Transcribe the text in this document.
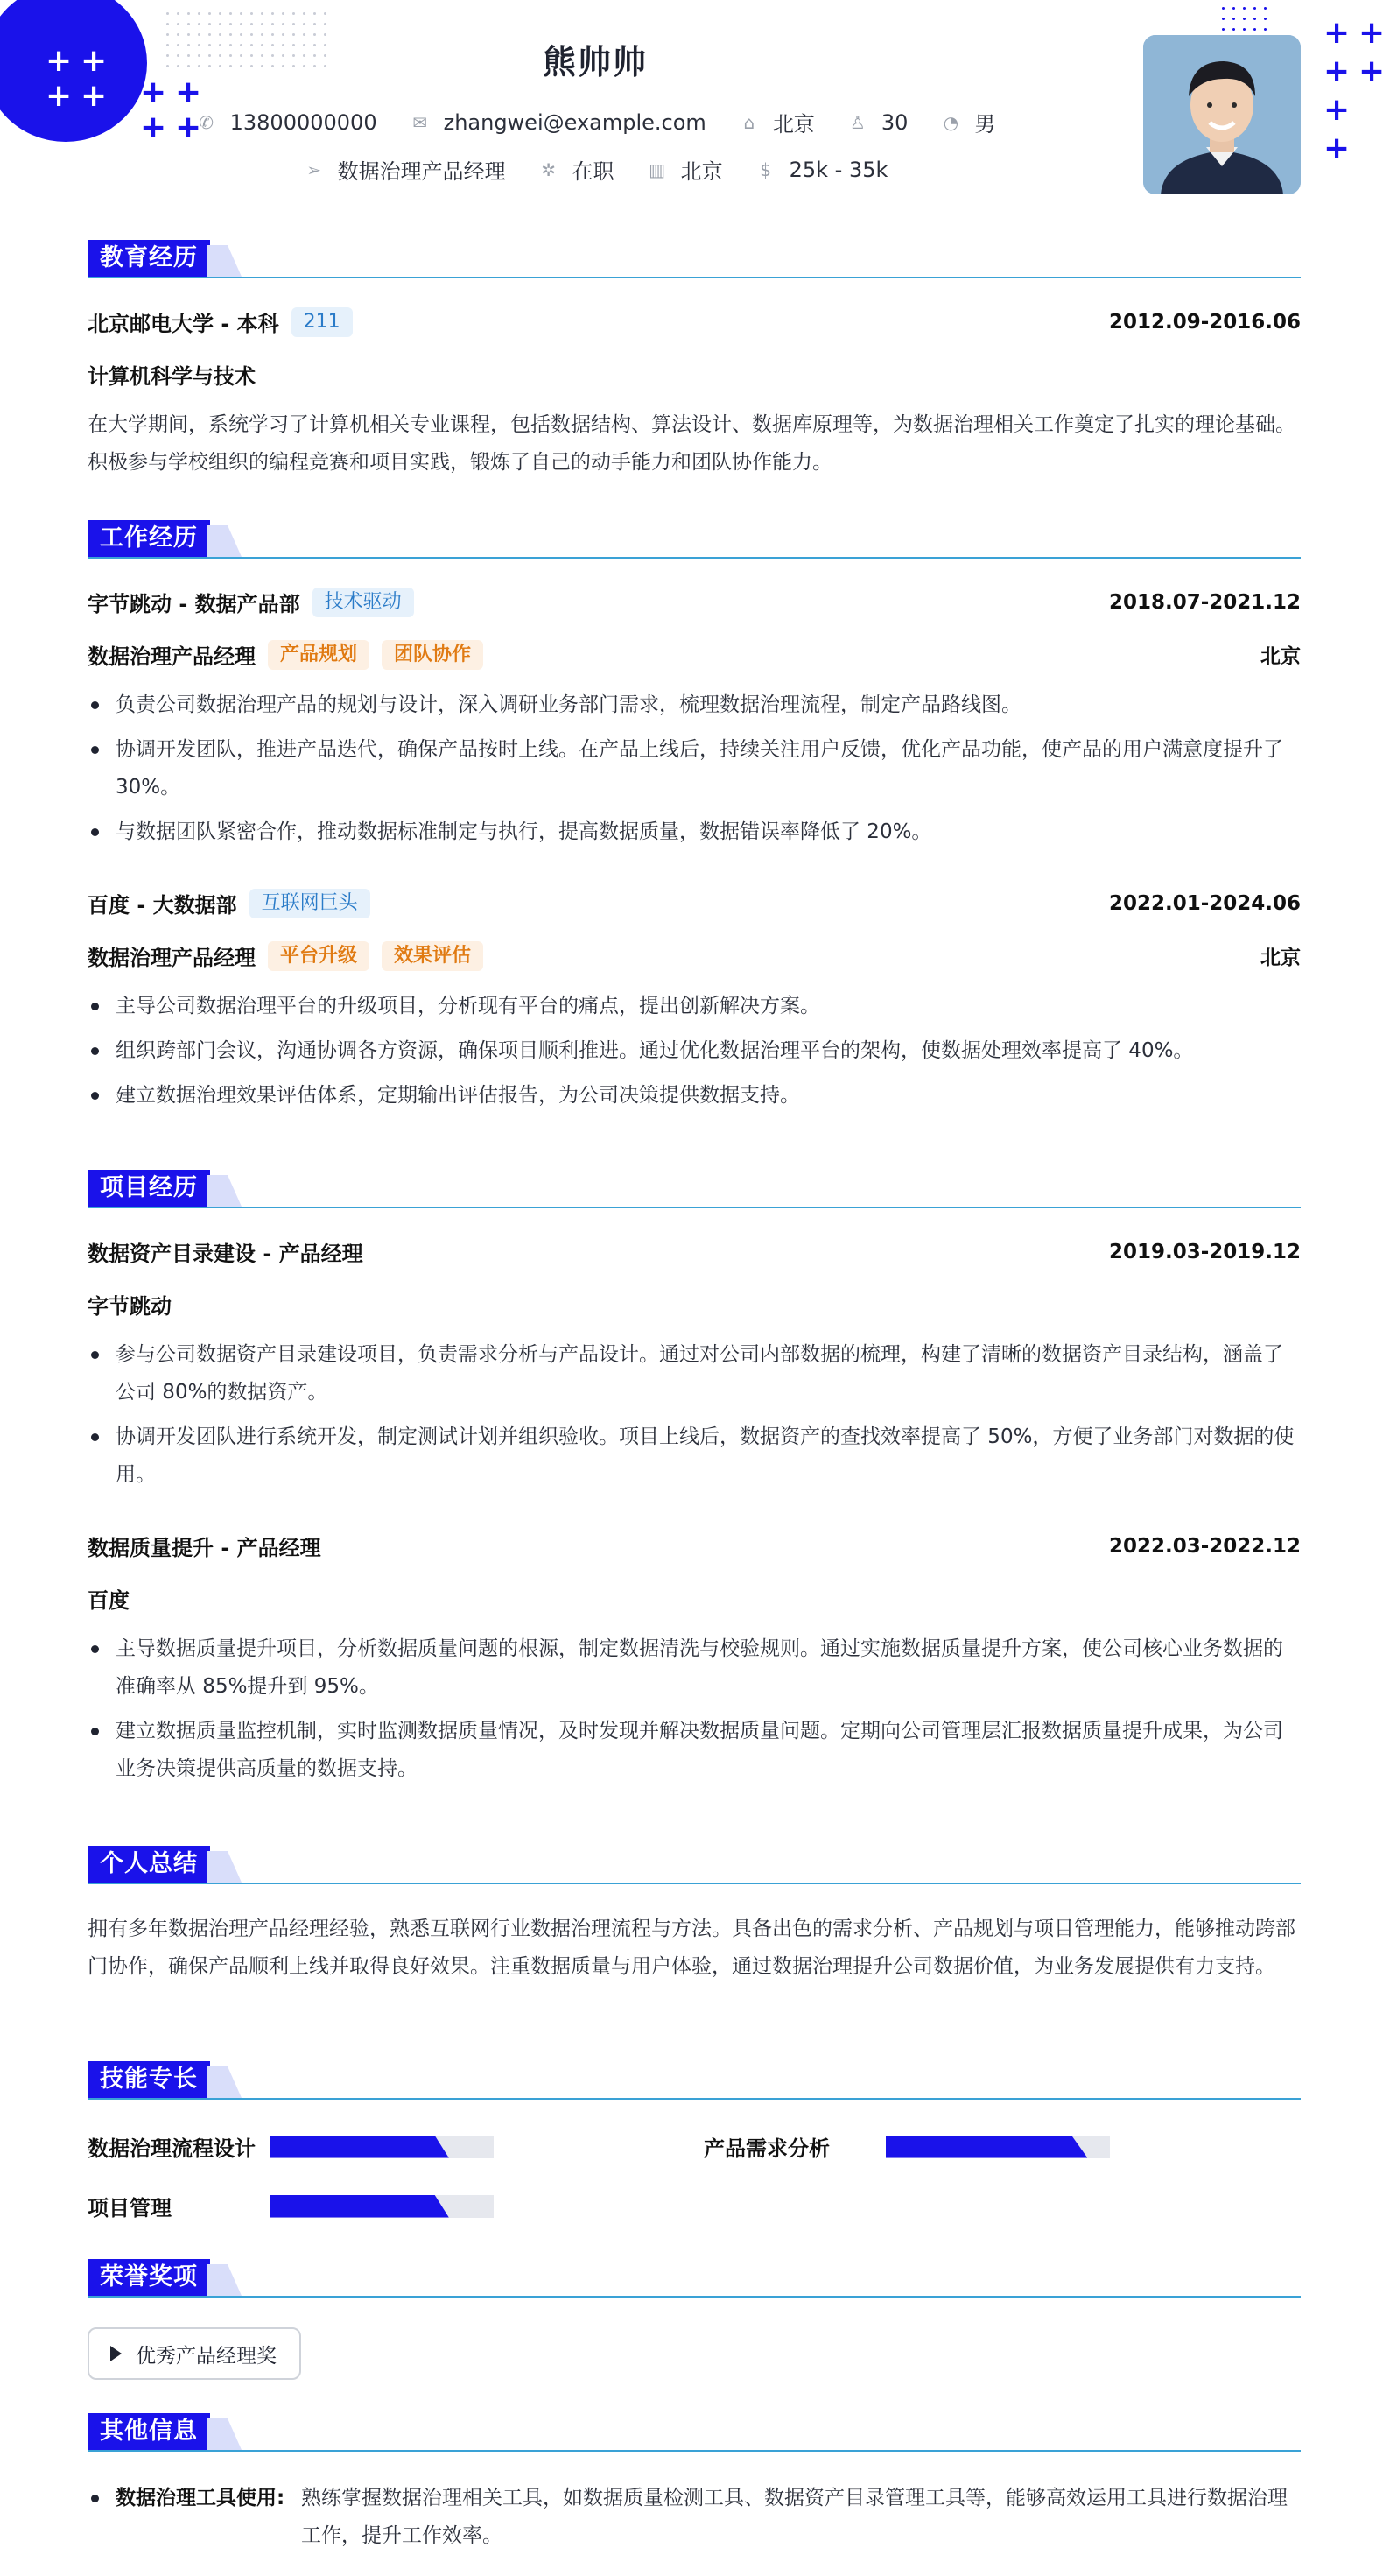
+ +
+ + + +
+ +
+ +
+ +
+
+
熊帅帅
✆ 13800000000 ✉ zhangwei@example.com	⌂ 北京 ♙ 30 ◔ 男
➢ 数据治理产品经理 ✲ 在职 ▥ 北京	$ 25k - 35k
教育经历
北京邮电大学 - 本科	211	2012.09-2016.06
计算机科学与技术
在大学期间，系统学习了计算机相关专业课程，包括数据结构、算法设计、数据库原理等，为数据治理相关工作奠定了扎实的理论基础。积极参与学校组织的编程竞赛和项目实践，锻炼了自己的动手能力和团队协作能力。
工作经历
字节跳动 - 数据产品部	技术驱动	2018.07-2021.12
数据治理产品经理	产品规划	团队协作	北京
负责公司数据治理产品的规划与设计，深入调研业务部门需求，梳理数据治理流程，制定产品路线图。
协调开发团队，推进产品迭代，确保产品按时上线。在产品上线后，持续关注用户反馈，优化产品功能，使产品的用户满意度提升了 30%。
与数据团队紧密合作，推动数据标准制定与执行，提高数据质量，数据错误率降低了 20%。
百度 - 大数据部	互联网巨头	2022.01-2024.06
数据治理产品经理	平台升级	效果评估	北京
主导公司数据治理平台的升级项目，分析现有平台的痛点，提出创新解决方案。
组织跨部门会议，沟通协调各方资源，确保项目顺利推进。通过优化数据治理平台的架构，使数据处理效率提高了 40%。
建立数据治理效果评估体系，定期输出评估报告，为公司决策提供数据支持。
项目经历
数据资产目录建设 - 产品经理	2019.03-2019.12
字节跳动
参与公司数据资产目录建设项目，负责需求分析与产品设计。通过对公司内部数据的梳理，构建了清晰的数据资产目录结构，涵盖了公司 80%的数据资产。
协调开发团队进行系统开发，制定测试计划并组织验收。项目上线后，数据资产的查找效率提高了 50%，方便了业务部门对数据的使用。
数据质量提升 - 产品经理	2022.03-2022.12
百度
主导数据质量提升项目，分析数据质量问题的根源，制定数据清洗与校验规则。通过实施数据质量提升方案，使公司核心业务数据的准确率从 85%提升到 95%。
建立数据质量监控机制，实时监测数据质量情况，及时发现并解决数据质量问题。定期向公司管理层汇报数据质量提升成果，为公司业务决策提供高质量的数据支持。
个人总结
拥有多年数据治理产品经理经验，熟悉互联网行业数据治理流程与方法。具备出色的需求分析、产品规划与项目管理能力，能够推动跨部门协作，确保产品顺利上线并取得良好效果。注重数据质量与用户体验，通过数据治理提升公司数据价值，为业务发展提供有力支持。
技能专长
数据治理流程设计	产品需求分析
项目管理
荣誉奖项
优秀产品经理奖
其他信息
数据治理工具使用: 熟练掌握数据治理相关工具，如数据质量检测工具、数据资产目录管理工具等，能够高效运用工具进行数据治理工作，提升工作效率。
